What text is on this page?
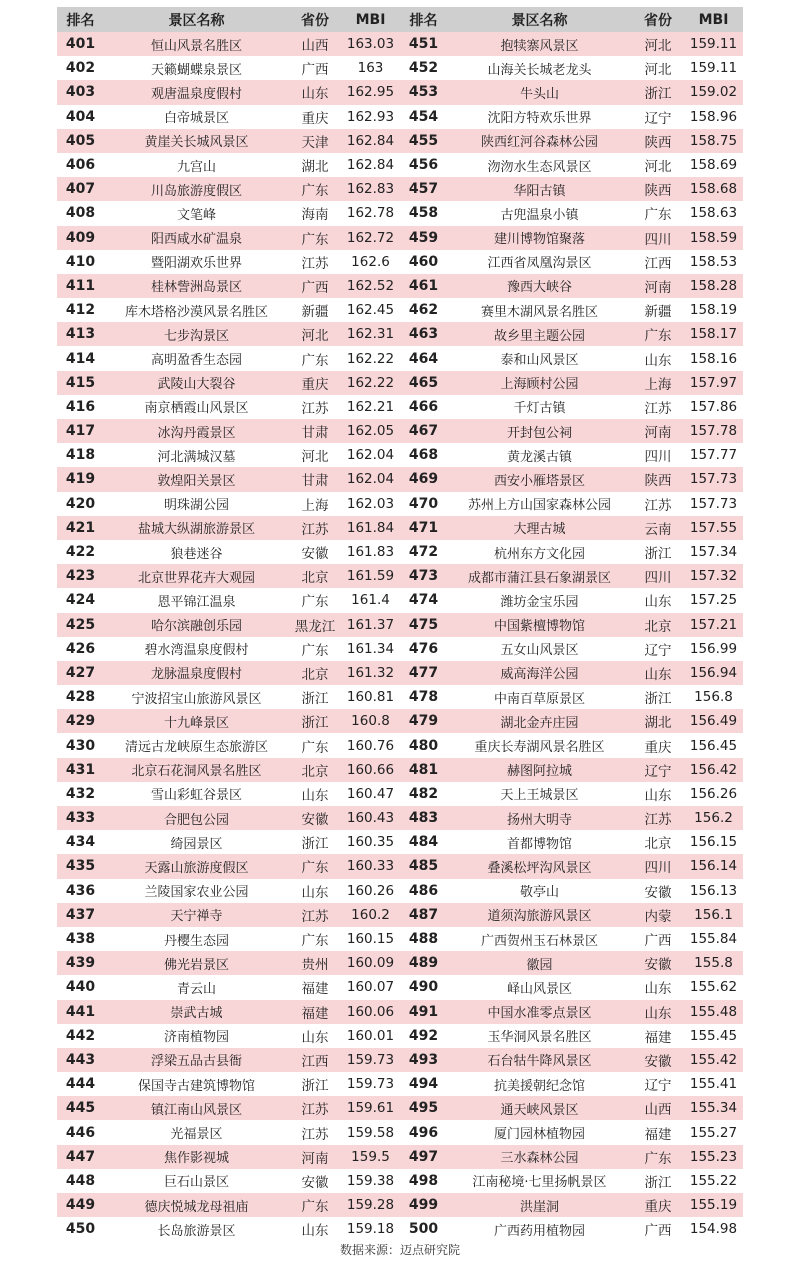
排名	景区名称	省份	MBI	排名	景区名称	省份	MBI
401	恒山风景名胜区	山西	163.03	451	抱犊寨风景区	河北	159.11
402	天籁蝴蝶泉景区	广西	163	452	山海关长城老龙头	河北	159.11
403	观唐温泉度假村	山东	162.95	453	牛头山	浙江	159.02
404	白帝城景区	重庆	162.93	454	沈阳方特欢乐世界	辽宁	158.96
405	黄崖关长城风景区	天津	162.84	455	陕西红河谷森林公园	陕西	158.75
406	九宫山	湖北	162.84	456	沕沕水生态风景区	河北	158.69
407	川岛旅游度假区	广东	162.83	457	华阳古镇	陕西	158.68
408	文笔峰	海南	162.78	458	古兜温泉小镇	广东	158.63
409	阳西咸水矿温泉	广东	162.72	459	建川博物馆聚落	四川	158.59
410	暨阳湖欢乐世界	江苏	162.6	460	江西省凤凰沟景区	江西	158.53
411	桂林訾洲岛景区	广西	162.52	461	豫西大峡谷	河南	158.28
412	库木塔格沙漠风景名胜区	新疆	162.45	462	赛里木湖风景名胜区	新疆	158.19
413	七步沟景区	河北	162.31	463	故乡里主题公园	广东	158.17
414	高明盈香生态园	广东	162.22	464	泰和山风景区	山东	158.16
415	武陵山大裂谷	重庆	162.22	465	上海顾村公园	上海	157.97
416	南京栖霞山风景区	江苏	162.21	466	千灯古镇	江苏	157.86
417	冰沟丹霞景区	甘肃	162.05	467	开封包公祠	河南	157.78
418	河北满城汉墓	河北	162.04	468	黄龙溪古镇	四川	157.77
419	敦煌阳关景区	甘肃	162.04	469	西安小雁塔景区	陕西	157.73
420	明珠湖公园	上海	162.03	470	苏州上方山国家森林公园	江苏	157.73
421	盐城大纵湖旅游景区	江苏	161.84	471	大理古城	云南	157.55
422	狼巷迷谷	安徽	161.83	472	杭州东方文化园	浙江	157.34
423	北京世界花卉大观园	北京	161.59	473	成都市蒲江县石象湖景区	四川	157.32
424	恩平锦江温泉	广东	161.4	474	潍坊金宝乐园	山东	157.25
425	哈尔滨融创乐园	黑龙江	161.37	475	中国紫檀博物馆	北京	157.21
426	碧水湾温泉度假村	广东	161.34	476	五女山风景区	辽宁	156.99
427	龙脉温泉度假村	北京	161.32	477	威高海洋公园	山东	156.94
428	宁波招宝山旅游风景区	浙江	160.81	478	中南百草原景区	浙江	156.8
429	十九峰景区	浙江	160.8	479	湖北金卉庄园	湖北	156.49
430	清远古龙峡原生态旅游区	广东	160.76	480	重庆长寿湖风景名胜区	重庆	156.45
431	北京石花洞风景名胜区	北京	160.66	481	赫图阿拉城	辽宁	156.42
432	雪山彩虹谷景区	山东	160.47	482	天上王城景区	山东	156.26
433	合肥包公园	安徽	160.43	483	扬州大明寺	江苏	156.2
434	绮园景区	浙江	160.35	484	首都博物馆	北京	156.15
435	天露山旅游度假区	广东	160.33	485	叠溪松坪沟风景区	四川	156.14
436	兰陵国家农业公园	山东	160.26	486	敬亭山	安徽	156.13
437	天宁禅寺	江苏	160.2	487	道须沟旅游风景区	内蒙	156.1
438	丹樱生态园	广东	160.15	488	广西贺州玉石林景区	广西	155.84
439	佛光岩景区	贵州	160.09	489	徽园	安徽	155.8
440	青云山	福建	160.07	490	峄山风景区	山东	155.62
441	崇武古城	福建	160.06	491	中国水准零点景区	山东	155.48
442	济南植物园	山东	160.01	492	玉华洞风景名胜区	福建	155.45
443	浮梁五品古县衙	江西	159.73	493	石台牯牛降风景区	安徽	155.42
444	保国寺古建筑博物馆	浙江	159.73	494	抗美援朝纪念馆	辽宁	155.41
445	镇江南山风景区	江苏	159.61	495	通天峡风景区	山西	155.34
446	光福景区	江苏	159.58	496	厦门园林植物园	福建	155.27
447	焦作影视城	河南	159.5	497	三水森林公园	广东	155.23
448	巨石山景区	安徽	159.38	498	江南秘境·七里扬帆景区	浙江	155.22
449	德庆悦城龙母祖庙	广东	159.28	499	洪崖洞	重庆	155.19
450	长岛旅游景区	山东	159.18	500	广西药用植物园	广西	154.98
数据来源：迈点研究院
